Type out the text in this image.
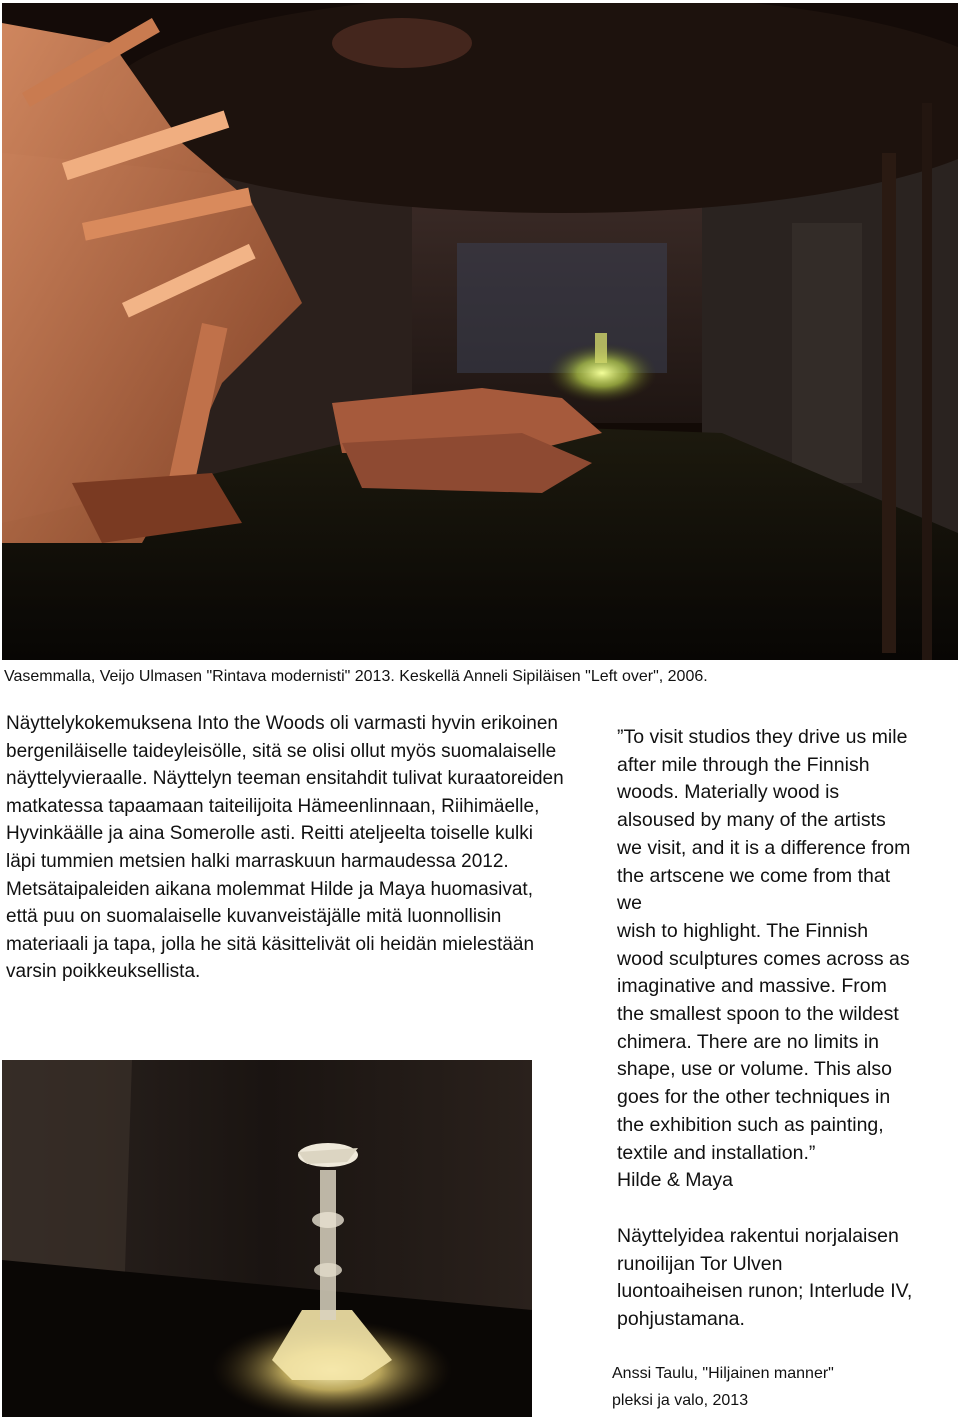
Vasemmalla, Veijo Ulmasen "Rintava modernisti" 2013. Keskellä Anneli Sipiläisen "Left over", 2006.

Näyttelykokemuksena Into the Woods oli varmasti hyvin erikoinen bergeniläiselle taideyleisölle, sitä se olisi ollut myös suomalaiselle näyttelyvieraalle. Näyttelyn teeman ensitahdit tulivat kuraatoreiden matkatessa tapaamaan taiteilijoita Hämeenlinnaan, Riihimäelle, Hyvinkäälle ja aina Somerolle asti. Reitti ateljeelta toiselle kulki läpi tummien metsien halki marraskuun harmaudessa 2012. Metsätaipaleiden aikana molemmat Hilde ja Maya huomasivat, että puu on suomalaiselle kuvanveistäjälle mitä luonnollisin materiaali ja tapa, jolla he sitä käsittelivät oli heidän mielestään varsin poikkeuksellista.

”To visit studios they drive us mile
after mile through the Finnish
woods. Materially wood is
alsoused by many of the artists
we visit, and it is a difference from
the artscene we come from that
we
wish to highlight. The Finnish
wood sculptures comes across as
imaginative and massive. From
the smallest spoon to the wildest
chimera. There are no limits in
shape, use or volume. This also
goes for the other techniques in
the exhibition such as painting,
textile and installation.”
Hilde & Maya

Näyttelyidea rakentui norjalaisen
runoilijan Tor Ulven
luontoaiheisen runon; Interlude IV,
pohjustamana.

Anssi Taulu, "Hiljainen manner"
pleksi ja valo, 2013
